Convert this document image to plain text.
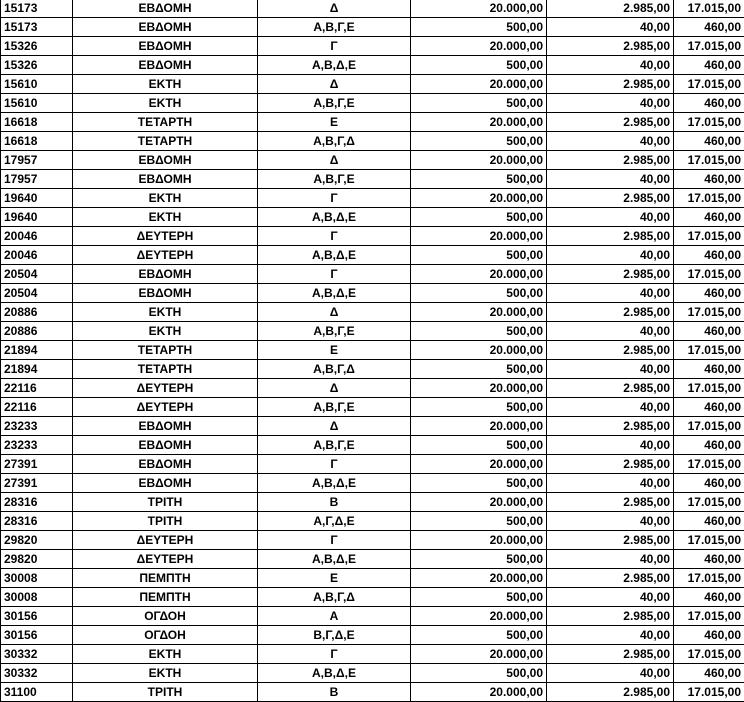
15173	ΕΒΔΟΜΗ	Δ	20.000,00	2.985,00	17.015,00
15173	ΕΒΔΟΜΗ	Α,Β,Γ,Ε	500,00	40,00	460,00
15326	ΕΒΔΟΜΗ	Γ	20.000,00	2.985,00	17.015,00
15326	ΕΒΔΟΜΗ	Α,Β,Δ,Ε	500,00	40,00	460,00
15610	ΕΚΤΗ	Δ	20.000,00	2.985,00	17.015,00
15610	ΕΚΤΗ	Α,Β,Γ,Ε	500,00	40,00	460,00
16618	ΤΕΤΑΡΤΗ	Ε	20.000,00	2.985,00	17.015,00
16618	ΤΕΤΑΡΤΗ	Α,Β,Γ,Δ	500,00	40,00	460,00
17957	ΕΒΔΟΜΗ	Δ	20.000,00	2.985,00	17.015,00
17957	ΕΒΔΟΜΗ	Α,Β,Γ,Ε	500,00	40,00	460,00
19640	ΕΚΤΗ	Γ	20.000,00	2.985,00	17.015,00
19640	ΕΚΤΗ	Α,Β,Δ,Ε	500,00	40,00	460,00
20046	ΔΕΥΤΕΡΗ	Γ	20.000,00	2.985,00	17.015,00
20046	ΔΕΥΤΕΡΗ	Α,Β,Δ,Ε	500,00	40,00	460,00
20504	ΕΒΔΟΜΗ	Γ	20.000,00	2.985,00	17.015,00
20504	ΕΒΔΟΜΗ	Α,Β,Δ,Ε	500,00	40,00	460,00
20886	ΕΚΤΗ	Δ	20.000,00	2.985,00	17.015,00
20886	ΕΚΤΗ	Α,Β,Γ,Ε	500,00	40,00	460,00
21894	ΤΕΤΑΡΤΗ	Ε	20.000,00	2.985,00	17.015,00
21894	ΤΕΤΑΡΤΗ	Α,Β,Γ,Δ	500,00	40,00	460,00
22116	ΔΕΥΤΕΡΗ	Δ	20.000,00	2.985,00	17.015,00
22116	ΔΕΥΤΕΡΗ	Α,Β,Γ,Ε	500,00	40,00	460,00
23233	ΕΒΔΟΜΗ	Δ	20.000,00	2.985,00	17.015,00
23233	ΕΒΔΟΜΗ	Α,Β,Γ,Ε	500,00	40,00	460,00
27391	ΕΒΔΟΜΗ	Γ	20.000,00	2.985,00	17.015,00
27391	ΕΒΔΟΜΗ	Α,Β,Δ,Ε	500,00	40,00	460,00
28316	ΤΡΙΤΗ	Β	20.000,00	2.985,00	17.015,00
28316	ΤΡΙΤΗ	Α,Γ,Δ,Ε	500,00	40,00	460,00
29820	ΔΕΥΤΕΡΗ	Γ	20.000,00	2.985,00	17.015,00
29820	ΔΕΥΤΕΡΗ	Α,Β,Δ,Ε	500,00	40,00	460,00
30008	ΠΕΜΠΤΗ	Ε	20.000,00	2.985,00	17.015,00
30008	ΠΕΜΠΤΗ	Α,Β,Γ,Δ	500,00	40,00	460,00
30156	ΟΓΔΟΗ	Α	20.000,00	2.985,00	17.015,00
30156	ΟΓΔΟΗ	Β,Γ,Δ,Ε	500,00	40,00	460,00
30332	ΕΚΤΗ	Γ	20.000,00	2.985,00	17.015,00
30332	ΕΚΤΗ	Α,Β,Δ,Ε	500,00	40,00	460,00
31100	ΤΡΙΤΗ	Β	20.000,00	2.985,00	17.015,00
